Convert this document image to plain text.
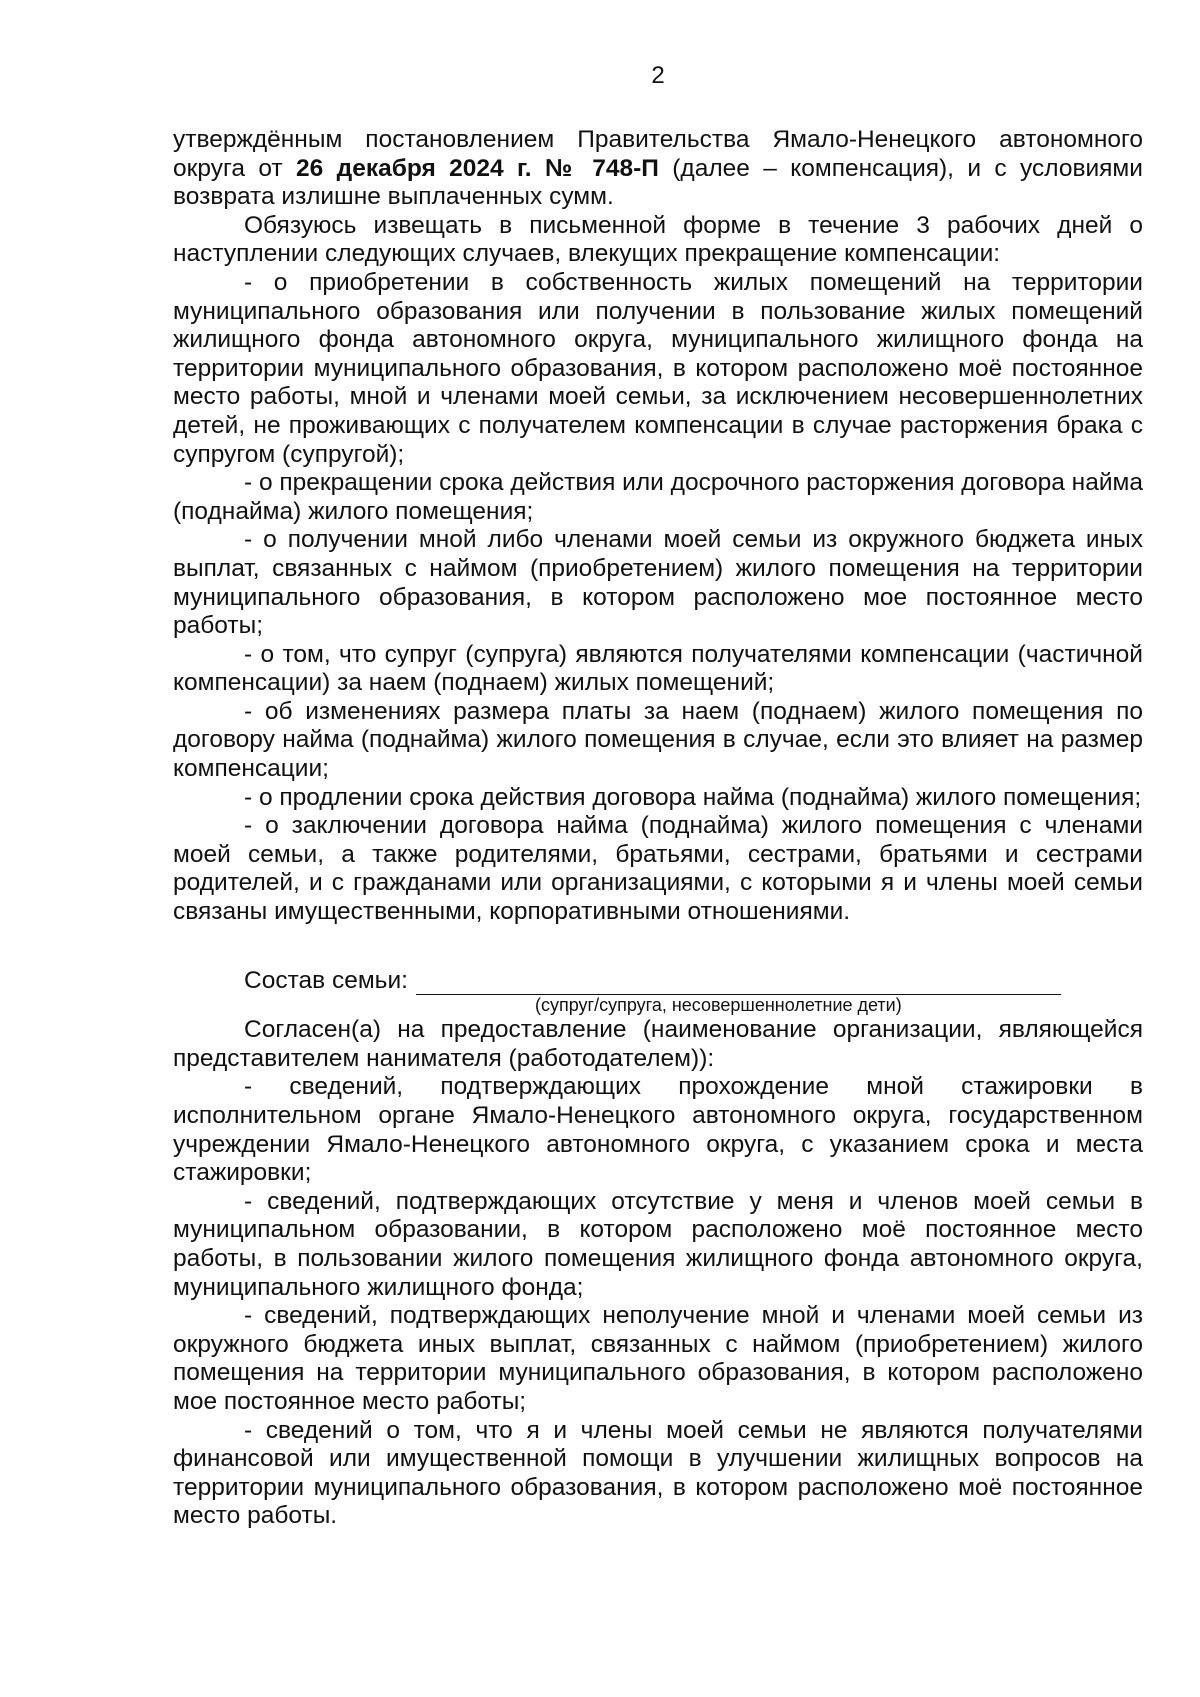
2

утверждённым постановлением Правительства Ямало-Ненецкого автономного округа от 26 декабря 2024 г. № 748-П (далее – компенсация), и с условиями возврата излишне выплаченных сумм.

Обязуюсь извещать в письменной форме в течение 3 рабочих дней о наступлении следующих случаев, влекущих прекращение компенсации:

- о приобретении в собственность жилых помещений на территории муниципального образования или получении в пользование жилых помещений жилищного фонда автономного округа, муниципального жилищного фонда на территории муниципального образования, в котором расположено моё постоянное место работы, мной и членами моей семьи, за исключением несовершеннолетних детей, не проживающих с получателем компенсации в случае расторжения брака с супругом (супругой);

- о прекращении срока действия или досрочного расторжения договора найма (поднайма) жилого помещения;

- о получении мной либо членами моей семьи из окружного бюджета иных выплат, связанных с наймом (приобретением) жилого помещения на территории муниципального образования, в котором расположено мое постоянное место работы;

- о том, что супруг (супруга) являются получателями компенсации (частичной компенсации) за наем (поднаем) жилых помещений;

- об изменениях размера платы за наем (поднаем) жилого помещения по договору найма (поднайма) жилого помещения в случае, если это влияет на размер компенсации;

- о продлении срока действия договора найма (поднайма) жилого помещения;

- о заключении договора найма (поднайма) жилого помещения с членами моей семьи, а также родителями, братьями, сестрами, братьями и сестрами родителей, и с гражданами или организациями, с которыми я и члены моей семьи связаны имущественными, корпоративными отношениями.

Состав семьи:
(супруг/супруга, несовершеннолетние дети)

Согласен(а) на предоставление (наименование организации, являющейся представителем нанимателя (работодателем)):

- сведений, подтверждающих прохождение мной стажировки в исполнительном органе Ямало-Ненецкого автономного округа, государственном учреждении Ямало-Ненецкого автономного округа, с указанием срока и места стажировки;

- сведений, подтверждающих отсутствие у меня и членов моей семьи в муниципальном образовании, в котором расположено моё постоянное место работы, в пользовании жилого помещения жилищного фонда автономного округа, муниципального жилищного фонда;

- сведений, подтверждающих неполучение мной и членами моей семьи из окружного бюджета иных выплат, связанных с наймом (приобретением) жилого помещения на территории муниципального образования, в котором расположено мое постоянное место работы;

- сведений о том, что я и члены моей семьи не являются получателями финансовой или имущественной помощи в улучшении жилищных вопросов на территории муниципального образования, в котором расположено моё постоянное место работы.
